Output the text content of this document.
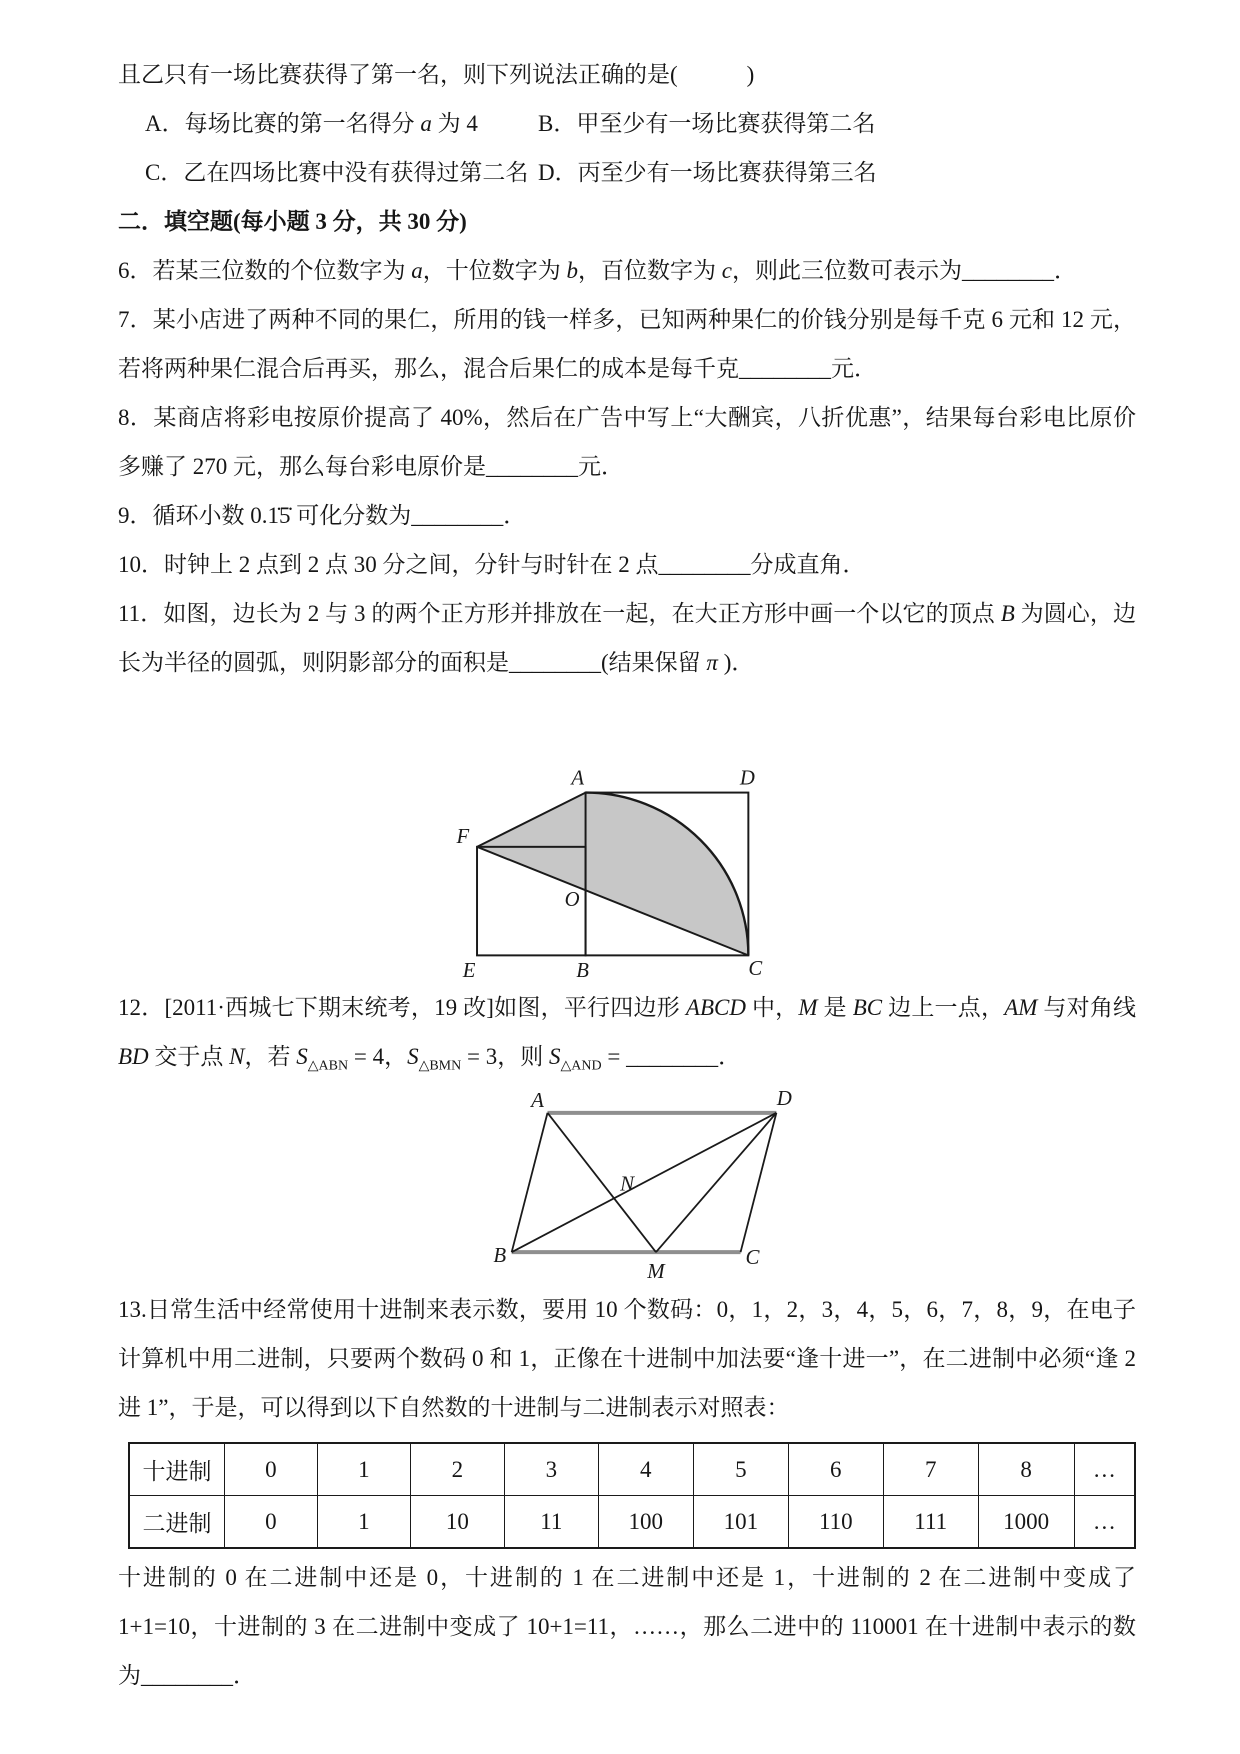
且乙只有一场比赛获得了第一名，则下列说法正确的是(　　　)

A．每场比赛的第一名得分 a 为 4	B．甲至少有一场比赛获得第二名

C．乙在四场比赛中没有获得过第二名 D．丙至少有一场比赛获得第三名

二．填空题(每小题 3 分，共 30 分)

6．若某三位数的个位数字为 a，十位数字为 b，百位数字为 c，则此三位数可表示为________．

7．某小店进了两种不同的果仁，所用的钱一样多，已知两种果仁的价钱分别是每千克 6 元和 12 元，若将两种果仁混合后再买，那么，混合后果仁的成本是每千克________元．

8．某商店将彩电按原价提高了 40%，然后在广告中写上“大酬宾，八折优惠”，结果每台彩电比原价多赚了 270 元，那么每台彩电原价是________元．

9．循环小数 0.1̇5̇ 可化分数为________．

10．时钟上 2 点到 2 点 30 分之间，分针与时针在 2 点________分成直角．

11．如图，边长为 2 与 3 的两个正方形并排放在一起，在大正方形中画一个以它的顶点 B 为圆心，边长为半径的圆弧，则阴影部分的面积是________(结果保留 π )．

A	D
F
O
E	B	C

12．[2011·西城七下期末统考，19 改]如图，平行四边形 ABCD 中，M 是 BC 边上一点，AM 与对角线 BD 交于点 N，若 $S_{\triangle ABN} = 4$，$S_{\triangle BMN} = 3$，则 $S_{\triangle AND}$ = ________．

A	D
N
B
M
C

13.日常生活中经常使用十进制来表示数，要用 10 个数码：0，1，2，3，4，5，6，7，8，9，在电子计算机中用二进制，只要两个数码 0 和 1，正像在十进制中加法要“逢十进一”，在二进制中必须“逢 2 进 1”，于是，可以得到以下自然数的十进制与二进制表示对照表：

十进制	0	1	2	3	4	5	6	7	8	…
二进制	0	1	10	11	100	101	110	111	1000	…

十进制的 0 在二进制中还是 0，十进制的 1 在二进制中还是 1，十进制的 2 在二进制中变成了 1+1=10，十进制的 3 在二进制中变成了 10+1=11，……，那么二进中的 110001 在十进制中表示的数为________．
